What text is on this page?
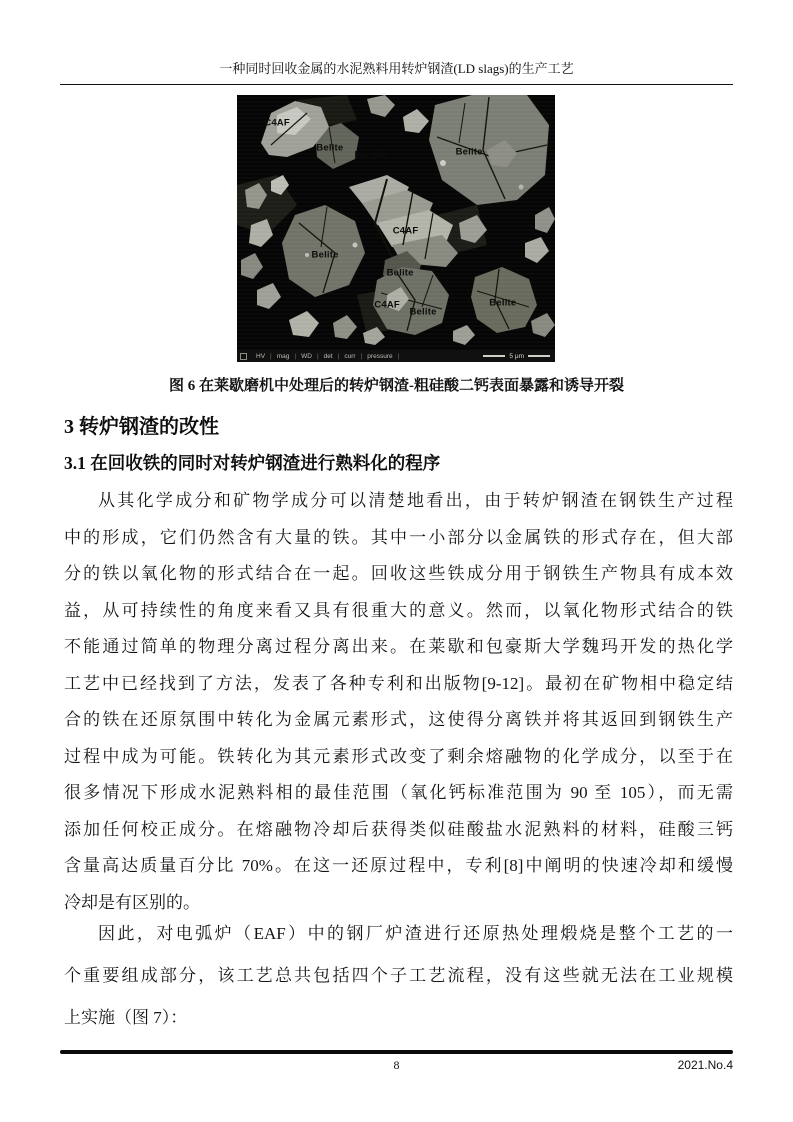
一种同时回收金属的水泥熟料用转炉钢渣(LD slags)的生产工艺
C4AF
Belite
Mg-Wü	Belite
C4AF
Belite
Belite
C4AF
Belite
Belite
HV | mag | WD | det | curr | pressure |	5 μm
图 6 在莱歇磨机中处理后的转炉钢渣-粗硅酸二钙表面暴露和诱导开裂
3 转炉钢渣的改性
3.1 在回收铁的同时对转炉钢渣进行熟料化的程序
从其化学成分和矿物学成分可以清楚地看出，由于转炉钢渣在钢铁生产过程
中的形成，它们仍然含有大量的铁。其中一小部分以金属铁的形式存在，但大部
分的铁以氧化物的形式结合在一起。回收这些铁成分用于钢铁生产物具有成本效
益，从可持续性的角度来看又具有很重大的意义。然而，以氧化物形式结合的铁
不能通过简单的物理分离过程分离出来。在莱歇和包豪斯大学魏玛开发的热化学
工艺中已经找到了方法，发表了各种专利和出版物[9-12]。最初在矿物相中稳定结
合的铁在还原氛围中转化为金属元素形式，这使得分离铁并将其返回到钢铁生产
过程中成为可能。铁转化为其元素形式改变了剩余熔融物的化学成分，以至于在
很多情况下形成水泥熟料相的最佳范围（氧化钙标准范围为 90 至 105），而无需
添加任何校正成分。在熔融物冷却后获得类似硅酸盐水泥熟料的材料，硅酸三钙
含量高达质量百分比 70%。在这一还原过程中，专利[8]中阐明的快速冷却和缓慢
冷却是有区别的。
因此，对电弧炉（EAF）中的钢厂炉渣进行还原热处理煅烧是整个工艺的一
个重要组成部分，该工艺总共包括四个子工艺流程，没有这些就无法在工业规模
上实施（图 7）：
8	2021.No.4
